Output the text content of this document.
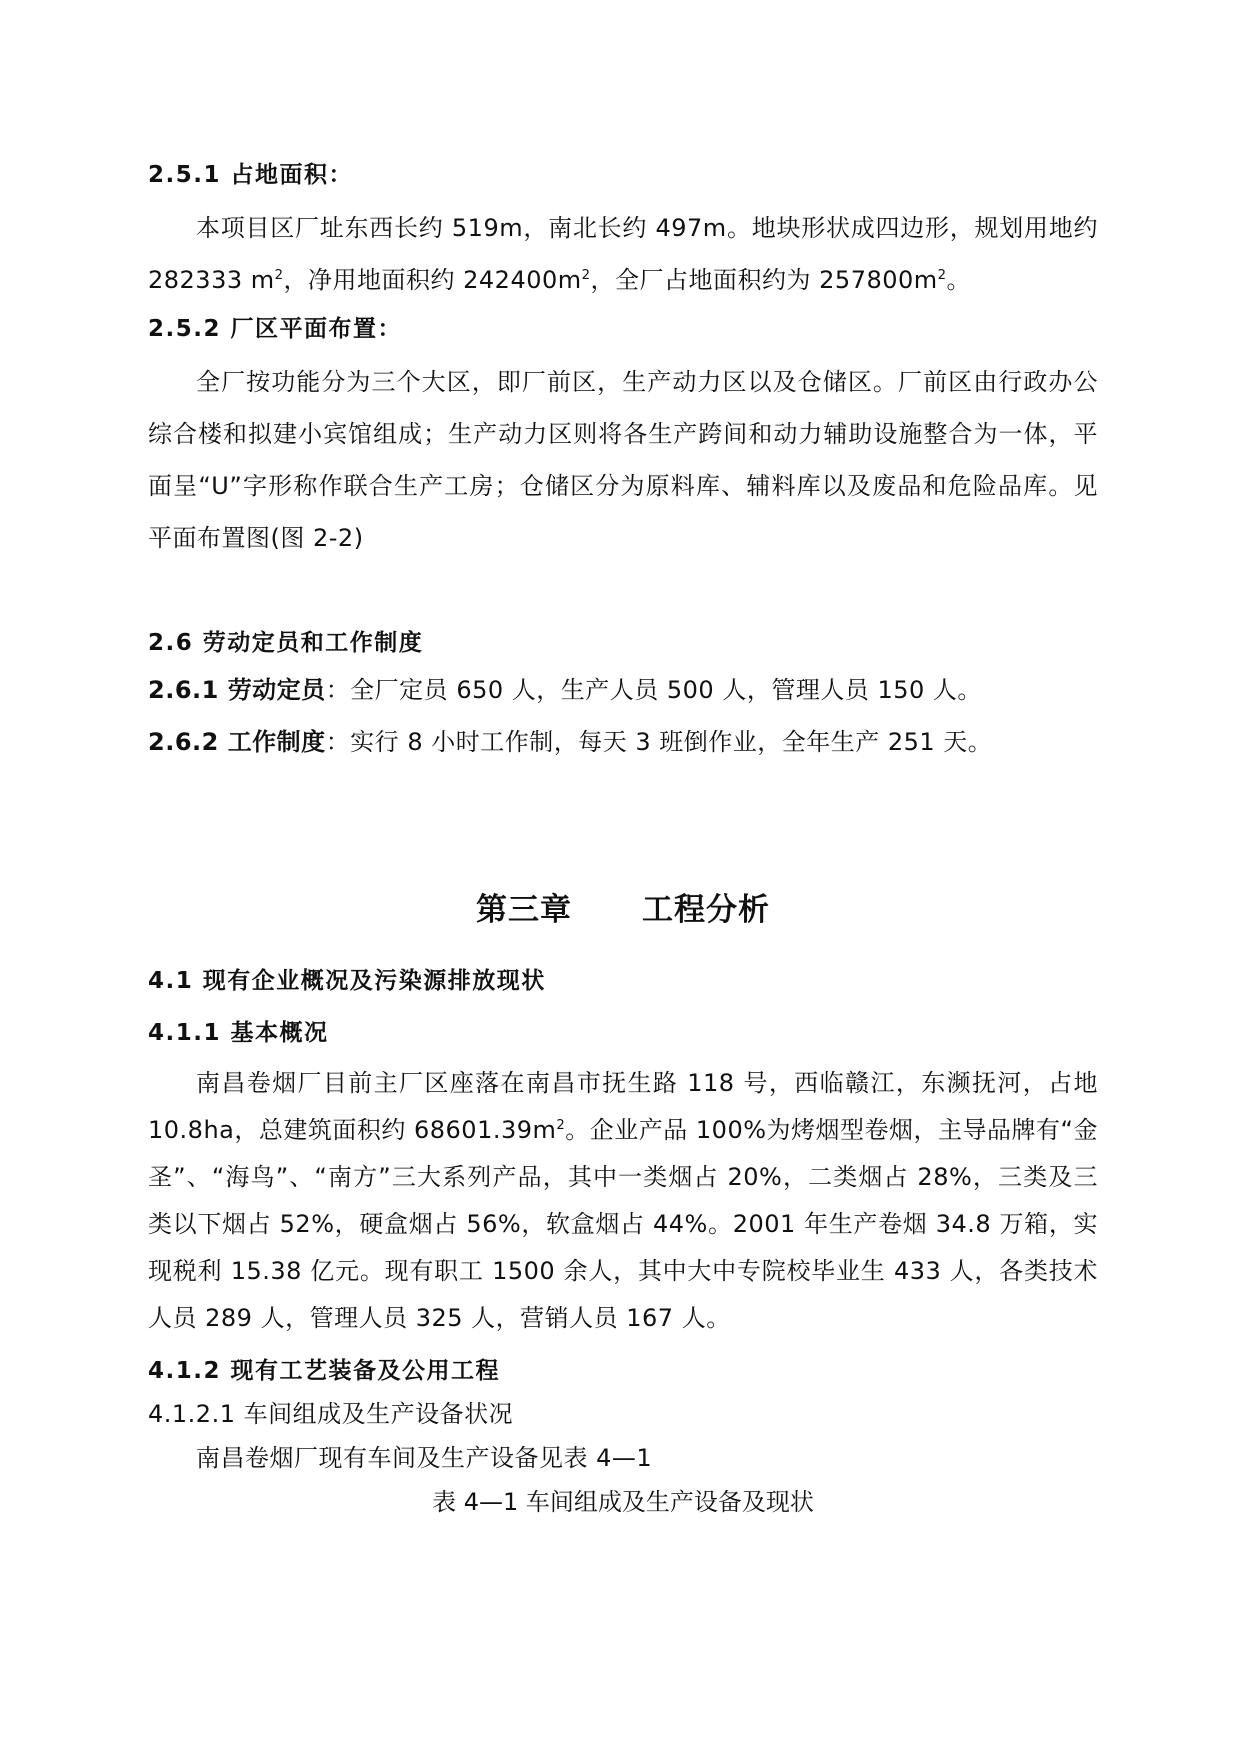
2.5.1 占地面积：

本项目区厂址东西长约 519m，南北长约 497m。地块形状成四边形，规划用地约 282333 $m^2$，净用地面积约 $242400m^2$，全厂占地面积约为 $257800m^2$。

2.5.2 厂区平面布置：

全厂按功能分为三个大区，即厂前区，生产动力区以及仓储区。厂前区由行政办公综合楼和拟建小宾馆组成；生产动力区则将各生产跨间和动力辅助设施整合为一体，平面呈“U”字形称作联合生产工房；仓储区分为原料库、辅料库以及废品和危险品库。见平面布置图(图 2-2)

2.6 劳动定员和工作制度

2.6.1 劳动定员：全厂定员 650 人，生产人员 500 人，管理人员 150 人。

2.6.2 工作制度：实行 8 小时工作制，每天 3 班倒作业，全年生产 251 天。

第三章 工程分析

4.1 现有企业概况及污染源排放现状

4.1.1 基本概况

南昌卷烟厂目前主厂区座落在南昌市抚生路 118 号，西临赣江，东濒抚河，占地 10.8ha，总建筑面积约 $68601.39m^2$。企业产品 100%为烤烟型卷烟，主导品牌有“金圣”、“海鸟”、“南方”三大系列产品，其中一类烟占 20%，二类烟占 28%，三类及三类以下烟占 52%，硬盒烟占 56%，软盒烟占 44%。2001 年生产卷烟 34.8 万箱，实现税利 15.38 亿元。现有职工 1500 余人，其中大中专院校毕业生 433 人，各类技术人员 289 人，管理人员 325 人，营销人员 167 人。

4.1.2 现有工艺装备及公用工程

4.1.2.1 车间组成及生产设备状况

南昌卷烟厂现有车间及生产设备见表 4—1

表 4—1 车间组成及生产设备及现状
